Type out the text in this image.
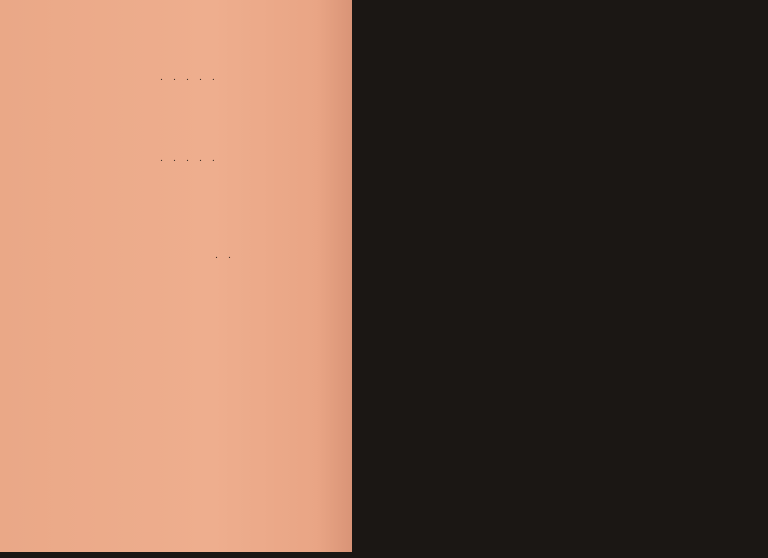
.....
.....
..
